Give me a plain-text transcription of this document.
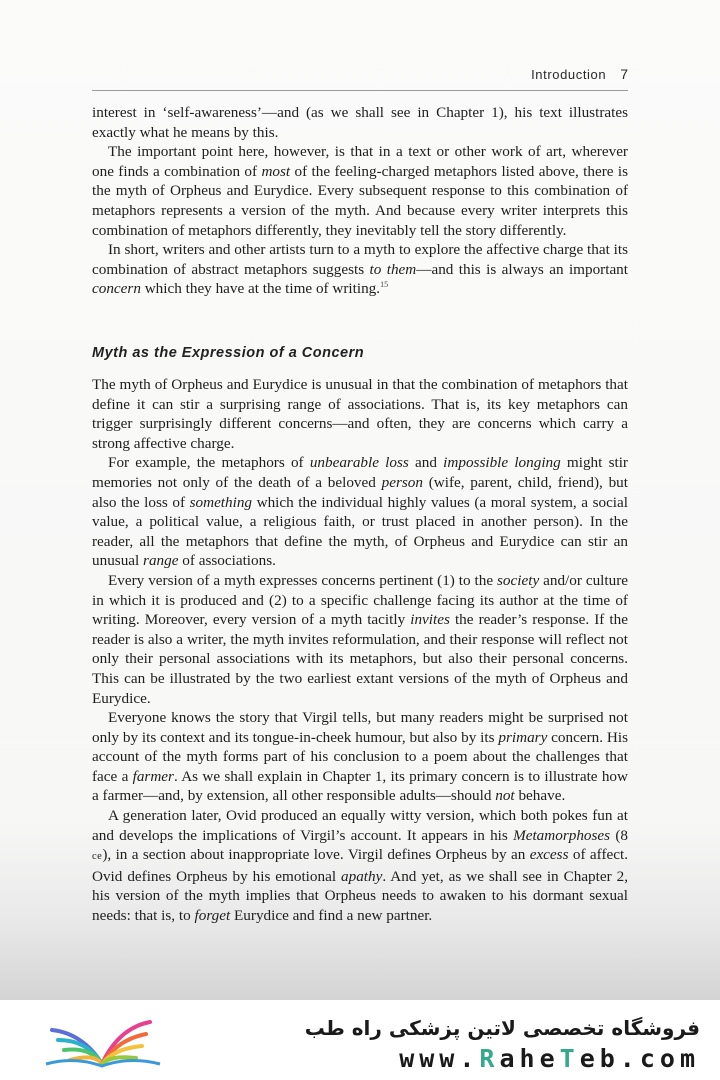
Introduction 7

interest in ‘self-awareness’—and (as we shall see in Chapter 1), his text illustrates exactly what he means by this.

The important point here, however, is that in a text or other work of art, wherever one finds a combination of most of the feeling-charged metaphors listed above, there is the myth of Orpheus and Eurydice. Every subsequent response to this combination of metaphors represents a version of the myth. And because every writer interprets this combination of metaphors differently, they inevitably tell the story differently.

In short, writers and other artists turn to a myth to explore the affective charge that its combination of abstract metaphors suggests to them—and this is always an important concern which they have at the time of writing.$^{15}$

Myth as the Expression of a Concern

The myth of Orpheus and Eurydice is unusual in that the combination of metaphors that define it can stir a surprising range of associations. That is, its key metaphors can trigger surprisingly different concerns—and often, they are concerns which carry a strong affective charge.

For example, the metaphors of unbearable loss and impossible longing might stir memories not only of the death of a beloved person (wife, parent, child, friend), but also the loss of something which the individual highly values (a moral system, a social value, a political value, a religious faith, or trust placed in another person). In the reader, all the metaphors that define the myth, of Orpheus and Eurydice can stir an unusual range of associations.

Every version of a myth expresses concerns pertinent (1) to the society and/or culture in which it is produced and (2) to a specific challenge facing its author at the time of writing. Moreover, every version of a myth tacitly invites the reader’s response. If the reader is also a writer, the myth invites reformulation, and their response will reflect not only their personal associations with its metaphors, but also their personal concerns. This can be illustrated by the two earliest extant versions of the myth of Orpheus and Eurydice.

Everyone knows the story that Virgil tells, but many readers might be surprised not only by its context and its tongue-in-cheek humour, but also by its primary concern. His account of the myth forms part of his conclusion to a poem about the challenges that face a farmer. As we shall explain in Chapter 1, its primary concern is to illustrate how a farmer—and, by extension, all other responsible adults—should not behave.

A generation later, Ovid produced an equally witty version, which both pokes fun at and develops the implications of Virgil’s account. It appears in his Metamorphoses (8 ce), in a section about inappropriate love. Virgil defines Orpheus by an excess of affect. Ovid defines Orpheus by his emotional apathy. And yet, as we shall see in Chapter 2, his version of the myth implies that Orpheus needs to awaken to his dormant sexual needs: that is, to forget Eurydice and find a new partner.

فروشگاه تخصصی لاتین پزشکی راه طب
www. R ahe T eb.com
